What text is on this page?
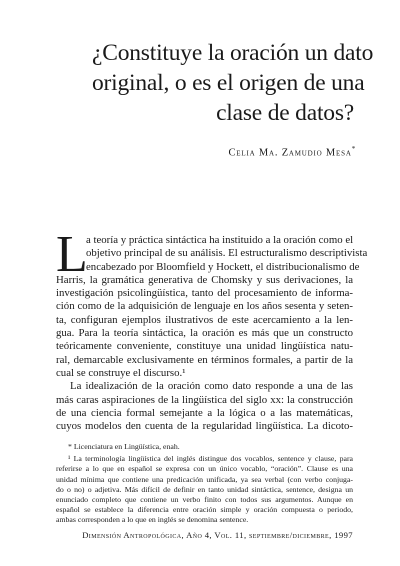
¿Constituye la oración un dato
original, o es el origen de una
clase de datos?
Celia Ma. Zamudio Mesa*
L
a teoría y práctica sintáctica ha instituido a la oración como el
objetivo principal de su análisis. El estructuralismo descriptivista
encabezado por Bloomfield y Hockett, el distribucionalismo de
Harris, la gramática generativa de Chomsky y sus derivaciones, la
investigación psicolingüística, tanto del procesamiento de informa-
ción como de la adquisición de lenguaje en los años sesenta y seten-
ta, configuran ejemplos ilustrativos de este acercamiento a la len-
gua. Para la teoría sintáctica, la oración es más que un constructo
teóricamente conveniente, constituye una unidad lingüística natu-
ral, demarcable exclusivamente en términos formales, a partir de la
cual se construye el discurso.¹
La idealización de la oración como dato responde a una de las
más caras aspiraciones de la lingüística del siglo xx: la construcción
de una ciencia formal semejante a la lógica o a las matemáticas,
cuyos modelos den cuenta de la regularidad lingüística. La dicoto-
* Licenciatura en Lingüística, enah.
¹ La terminología lingüística del inglés distingue dos vocablos, sentence y clause, para
referirse a lo que en español se expresa con un único vocablo, “oración”. Clause es una
unidad mínima que contiene una predicación unificada, ya sea verbal (con verbo conjuga-
do o no) o adjetiva. Más difícil de definir en tanto unidad sintáctica, sentence, designa un
enunciado completo que contiene un verbo finito con todos sus argumentos. Aunque en
español se establece la diferencia entre oración simple y oración compuesta o periodo,
ambas corresponden a lo que en inglés se denomina sentence.
Dimensión Antropológica, Año 4, Vol. 11, septiembre/diciembre, 1997
